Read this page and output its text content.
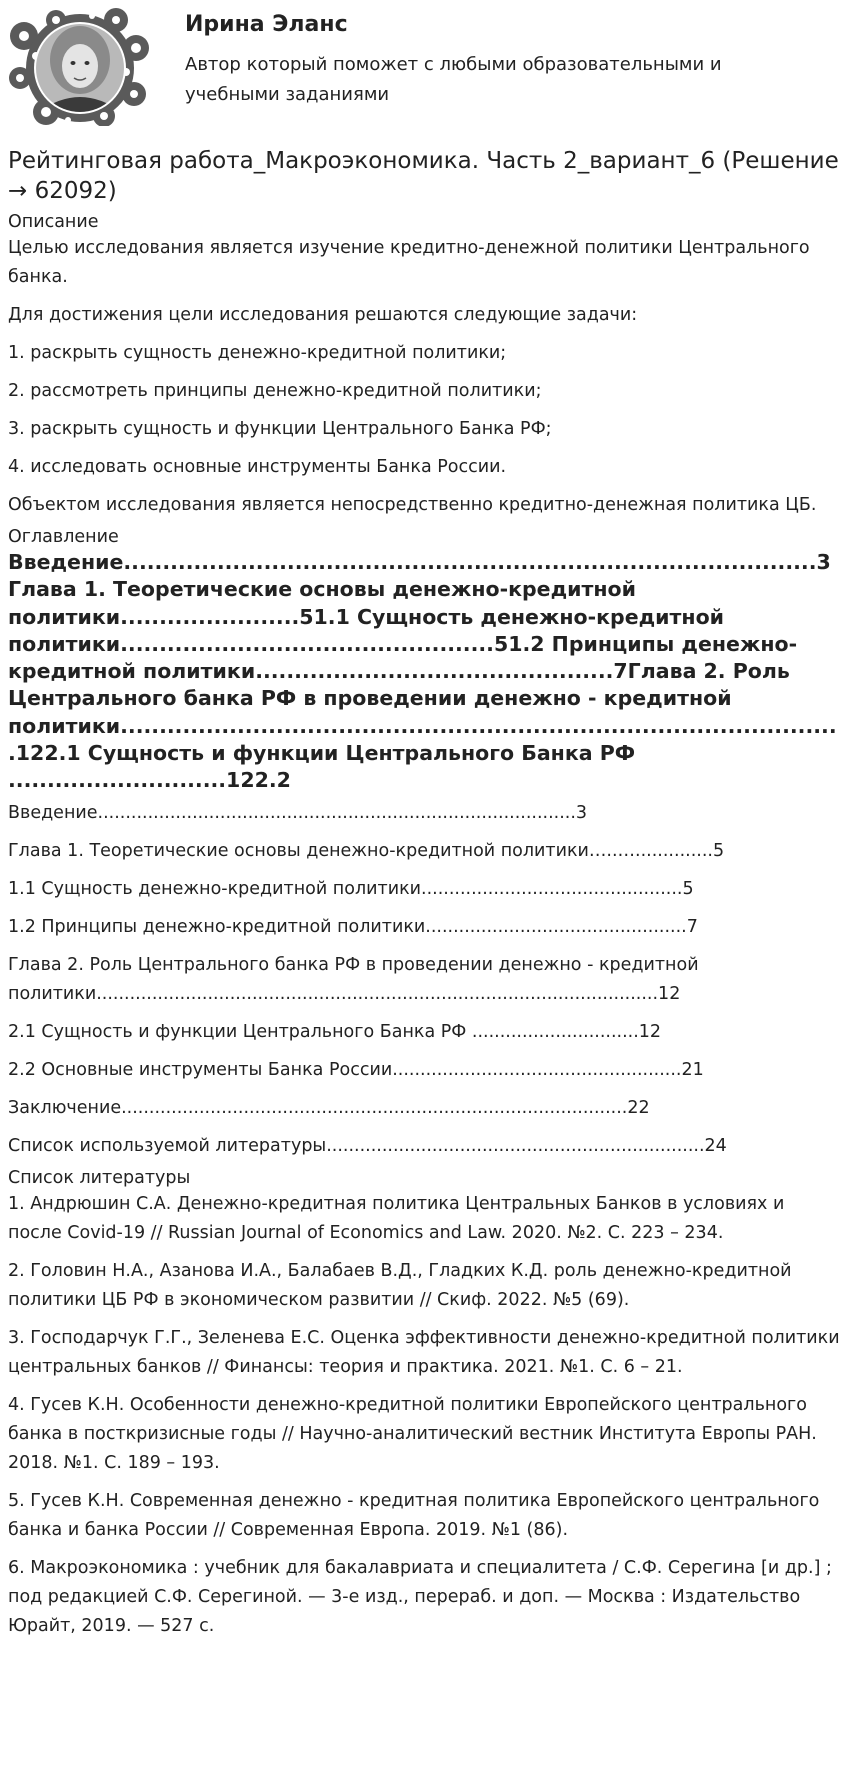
Ирина Эланс
Автор который поможет с любыми образовательными и учебными заданиями
Рейтинговая работа_Макроэкономика. Часть 2_вариант_6 (Решение → 62092)
Описание

Целью исследования является изучение кредитно-денежной политики Центрального банка.

Для достижения цели исследования решаются следующие задачи:

1. раскрыть сущность денежно-кредитной политики;

2. рассмотреть принципы денежно-кредитной политики;

3. раскрыть сущность и функции Центрального Банка РФ;

4. исследовать основные инструменты Банка России.

Объектом исследования является непосредственно кредитно-денежная политика ЦБ.

Оглавление
Введение.........................................................................................3Глава 1. Теоретические основы денежно-кредитной политики.......................51.1 Сущность денежно-кредитной политики................................................51.2 Принципы денежно-кредитной политики..............................................7Глава 2. Роль Центрального банка РФ в проведении денежно - кредитной политики.............................................................................................122.1 Сущность и функции Центрального Банка РФ ............................122.2

Введение......................................................................................3

Глава 1. Теоретические основы денежно-кредитной политики…..…..............5

1.1 Сущность денежно-кредитной политики...............................................5

1.2 Принципы денежно-кредитной политики...............................................7

Глава 2. Роль Центрального банка РФ в проведении денежно - кредитной политики.....................................................................................................12

2.1 Сущность и функции Центрального Банка РФ ..............................12

2.2 Основные инструменты Банка России....................................................21

Заключение...........................................................................................22

Список используемой литературы....................................................................24

Список литературы

1. Андрюшин С.А. Денежно-кредитная политика Центральных Банков в условиях и после Covid-19 // Russian Journal of Economics and Law. 2020. №2. С. 223 – 234.

2. Головин Н.А., Азанова И.А., Балабаев В.Д., Гладких К.Д. роль денежно-кредитной политики ЦБ РФ в экономическом развитии // Скиф. 2022. №5 (69).

3. Господарчук Г.Г., Зеленева Е.С. Оценка эффективности денежно-кредитной политики центральных банков // Финансы: теория и практика. 2021. №1. С. 6 – 21.

4. Гусев К.Н. Особенности денежно-кредитной политики Европейского центрального банка в посткризисные годы // Научно-аналитический вестник Института Европы РАН. 2018. №1. С. 189 – 193.

5. Гусев К.Н. Современная денежно - кредитная политика Европейского центрального банка и банка России // Современная Европа. 2019. №1 (86).

6. Макроэкономика : учебник для бакалавриата и специалитета / С.Ф. Серегина [и др.] ; под редакцией С.Ф. Серегиной. — 3-е изд., перераб. и доп. — Москва : Издательство Юрайт, 2019. — 527 с.
